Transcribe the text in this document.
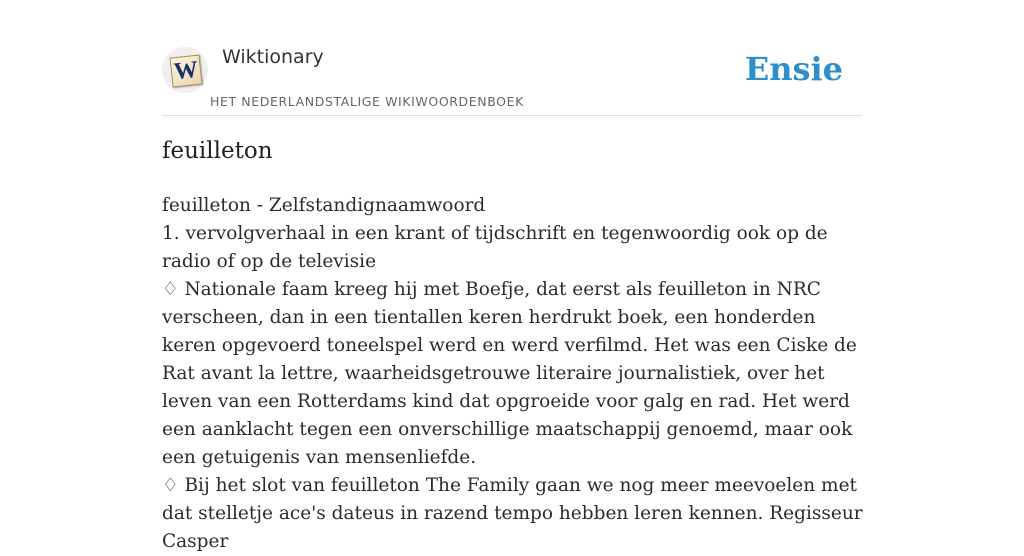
W Wiktionary
HET NEDERLANDSTALIGE WIKIWOORDENBOEK
Ensie
feuilleton

feuilleton - Zelfstandignaamwoord

1. vervolgverhaal in een krant of tijdschrift en tegenwoordig ook op de radio of op de televisie

♢ Nationale faam kreeg hij met Boefje, dat eerst als feuilleton in NRC verscheen, dan in een tientallen keren herdrukt boek, een honderden keren opgevoerd toneelspel werd en werd verfilmd. Het was een Ciske de Rat avant la lettre, waarheidsgetrouwe literaire journalistiek, over het leven van een Rotterdams kind dat opgroeide voor galg en rad. Het werd een aanklacht tegen een onverschillige maatschappij genoemd, maar ook een getuigenis van mensenliefde.

♢ Bij het slot van feuilleton The Family gaan we nog meer meevoelen met dat stelletje ace's dateus in razend tempo hebben leren kennen. Regisseur Casper
